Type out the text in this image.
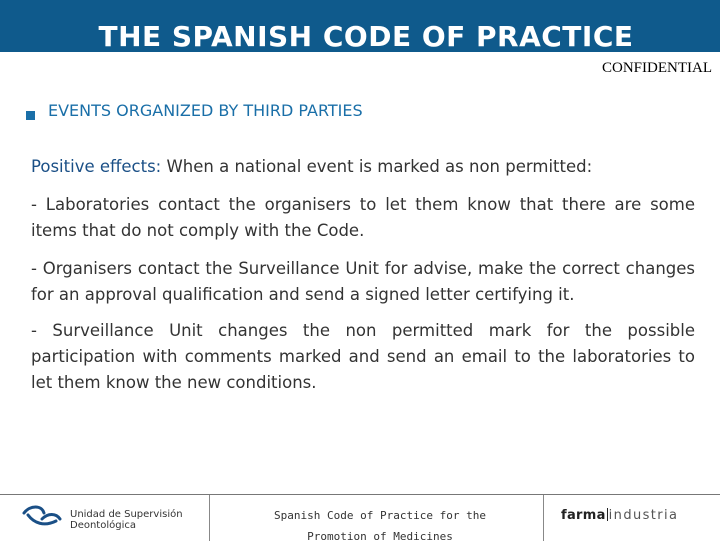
THE SPANISH CODE OF PRACTICE
CONFIDENTIAL
EVENTS ORGANIZED BY THIRD PARTIES
Positive effects: When a national event is marked as non permitted:
- Laboratories contact the organisers to let them know that there are some items that do not comply with the Code.
- Organisers contact the Surveillance Unit for advise, make the correct changes for an approval qualification and send a signed letter certifying it.
- Surveillance Unit changes the non permitted mark for the possible participation with comments marked and send an email to the laboratories to let them know the new conditions.
Unidad de Supervisión
Deontológica
Spanish Code of Practice for the
Promotion of Medicines
farma industria
